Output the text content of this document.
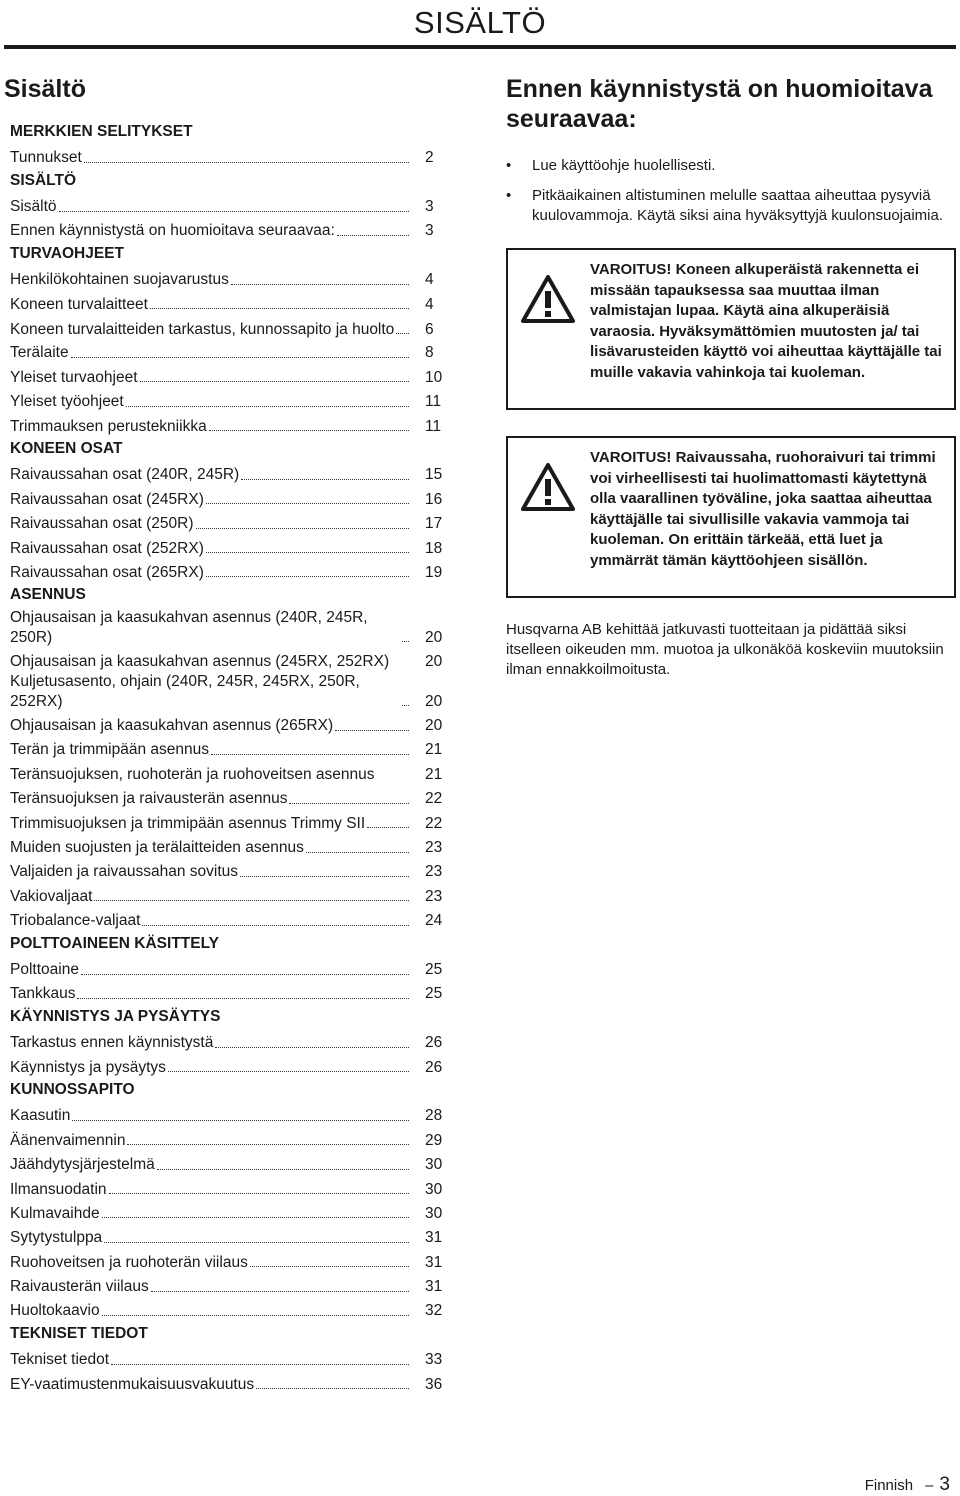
SISÄLTÖ
Sisältö
MERKKIEN SELITYKSET
Tunnukset	2
SISÄLTÖ
Sisältö	3
Ennen käynnistystä on huomioitava seuraavaa:	3
TURVAOHJEET
Henkilökohtainen suojavarustus	4
Koneen turvalaitteet	4
Koneen turvalaitteiden tarkastus, kunnossapito ja huolto	6
Terälaite	8
Yleiset turvaohjeet	10
Yleiset työohjeet	11
Trimmauksen perustekniikka	11
KONEEN OSAT
Raivaussahan osat (240R, 245R)	15
Raivaussahan osat (245RX)	16
Raivaussahan osat (250R)	17
Raivaussahan osat (252RX)	18
Raivaussahan osat (265RX)	19
ASENNUS
Ohjausaisan ja kaasukahvan asennus (240R, 245R, 250R)	20
Ohjausaisan ja kaasukahvan asennus (245RX, 252RX)	20
Kuljetusasento, ohjain (240R, 245R, 245RX, 250R, 252RX)	20
Ohjausaisan ja kaasukahvan asennus (265RX)	20
Terän ja trimmipään asennus	21
Teränsuojuksen, ruohoterän ja ruohoveitsen asennus	21
Teränsuojuksen ja raivausterän asennus	22
Trimmisuojuksen ja trimmipään asennus Trimmy SII	22
Muiden suojusten ja terälaitteiden asennus	23
Valjaiden ja raivaussahan sovitus	23
Vakiovaljaat	23
Triobalance-valjaat	24
POLTTOAINEEN KÄSITTELY
Polttoaine	25
Tankkaus	25
KÄYNNISTYS JA PYSÄYTYS
Tarkastus ennen käynnistystä	26
Käynnistys ja pysäytys	26
KUNNOSSAPITO
Kaasutin	28
Äänenvaimennin	29
Jäähdytysjärjestelmä	30
Ilmansuodatin	30
Kulmavaihde	30
Sytytystulppa	31
Ruohoveitsen ja ruohoterän viilaus	31
Raivausterän viilaus	31
Huoltokaavio	32
TEKNISET TIEDOT
Tekniset tiedot	33
EY-vaatimustenmukaisuusvakuutus	36
Ennen käynnistystä on huomioitava seuraavaa:
• Lue käyttöohje huolellisesti.
• Pitkäaikainen altistuminen melulle saattaa aiheuttaa pysyviä kuulovammoja. Käytä siksi aina hyväksyttyjä kuulonsuojaimia.
VAROITUS! Koneen alkuperäistä rakennetta ei missään tapauksessa saa muuttaa ilman valmistajan lupaa. Käytä aina alkuperäisiä varaosia. Hyväksymättömien muutosten ja/ tai lisävarusteiden käyttö voi aiheuttaa käyttäjälle tai muille vakavia vahinkoja tai kuoleman.
VAROITUS! Raivaussaha, ruohoraivuri tai trimmi voi virheellisesti tai huolimattomasti käytettynä olla vaarallinen työväline, joka saattaa aiheuttaa käyttäjälle tai sivullisille vakavia vammoja tai kuoleman. On erittäin tärkeää, että luet ja ymmärrät tämän käyttöohjeen sisällön.
Husqvarna AB kehittää jatkuvasti tuotteitaan ja pidättää siksi itselleen oikeuden mm. muotoa ja ulkonäköä koskeviin muutoksiin ilman ennakkoilmoitusta.
Finnish – 3
